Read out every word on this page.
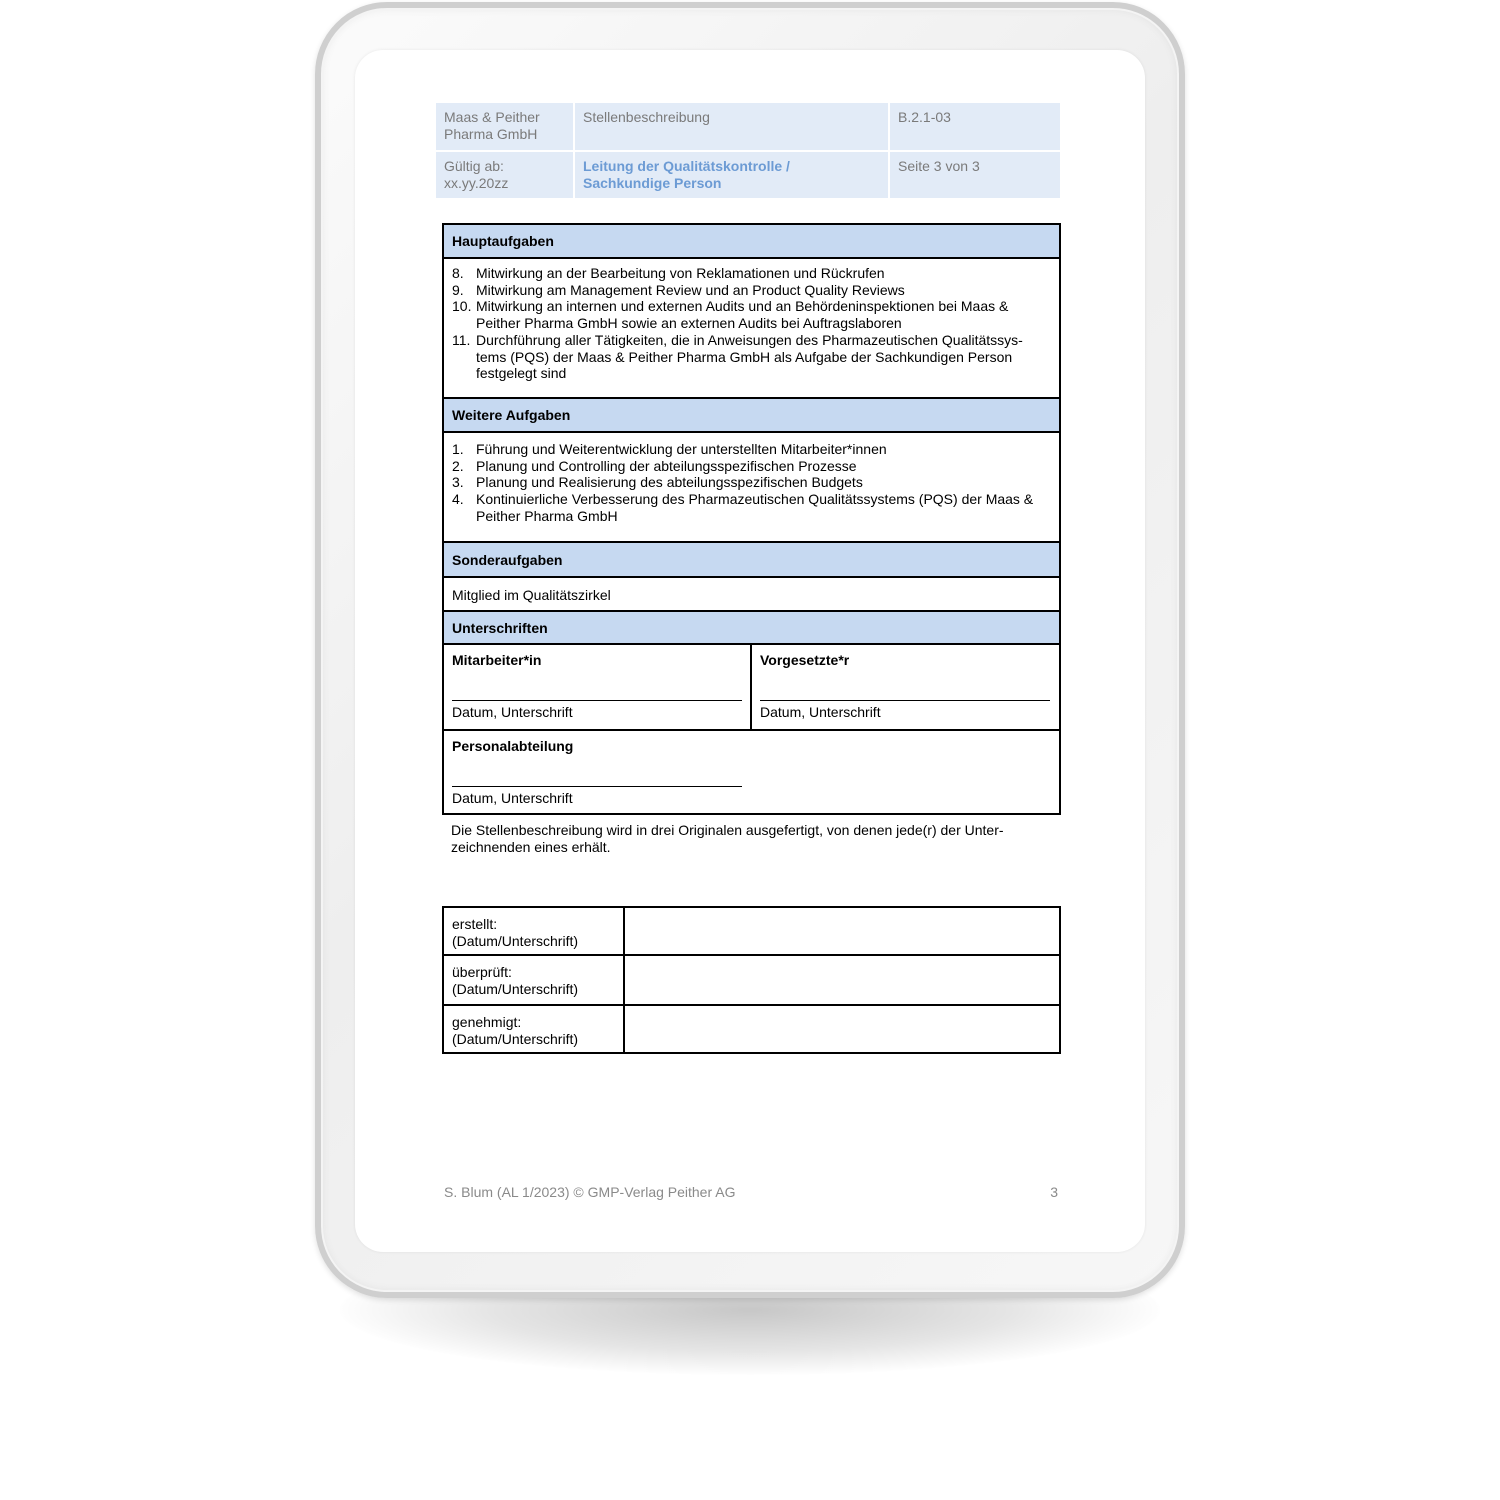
Maas & Peither
Pharma GmbH
Stellenbeschreibung	B.2.1-03
Gültig ab:
xx.yy.20zz
Leitung der Qualitätskontrolle /
Sachkundige Person
Seite 3 von 3
Hauptaufgaben
8. Mitwirkung an der Bearbeitung von Reklamationen und Rückrufen
9. Mitwirkung am Management Review und an Product Quality Reviews
10. Mitwirkung an internen und externen Audits und an Behördeninspektionen bei Maas & Peither Pharma GmbH sowie an externen Audits bei Auftragslaboren
11. Durchführung aller Tätigkeiten, die in Anweisungen des Pharmazeutischen Qualitätssys- tems (PQS) der Maas & Peither Pharma GmbH als Aufgabe der Sachkundigen Person festgelegt sind
Weitere Aufgaben
1. Führung und Weiterentwicklung der unterstellten Mitarbeiter*innen
2. Planung und Controlling der abteilungsspezifischen Prozesse
3. Planung und Realisierung des abteilungsspezifischen Budgets
4. Kontinuierliche Verbesserung des Pharmazeutischen Qualitätssystems (PQS) der Maas & Peither Pharma GmbH
Sonderaufgaben
Mitglied im Qualitätszirkel
Unterschriften
Mitarbeiter*in
Datum, Unterschrift
Vorgesetzte*r
Datum, Unterschrift
Personalabteilung
Datum, Unterschrift
Die Stellenbeschreibung wird in drei Originalen ausgefertigt, von denen jede(r) der Unter- zeichnenden eines erhält.
erstellt:
(Datum/Unterschrift)
überprüft:
(Datum/Unterschrift)
genehmigt:
(Datum/Unterschrift)
S. Blum (AL 1/2023) © GMP-Verlag Peither AG	3
